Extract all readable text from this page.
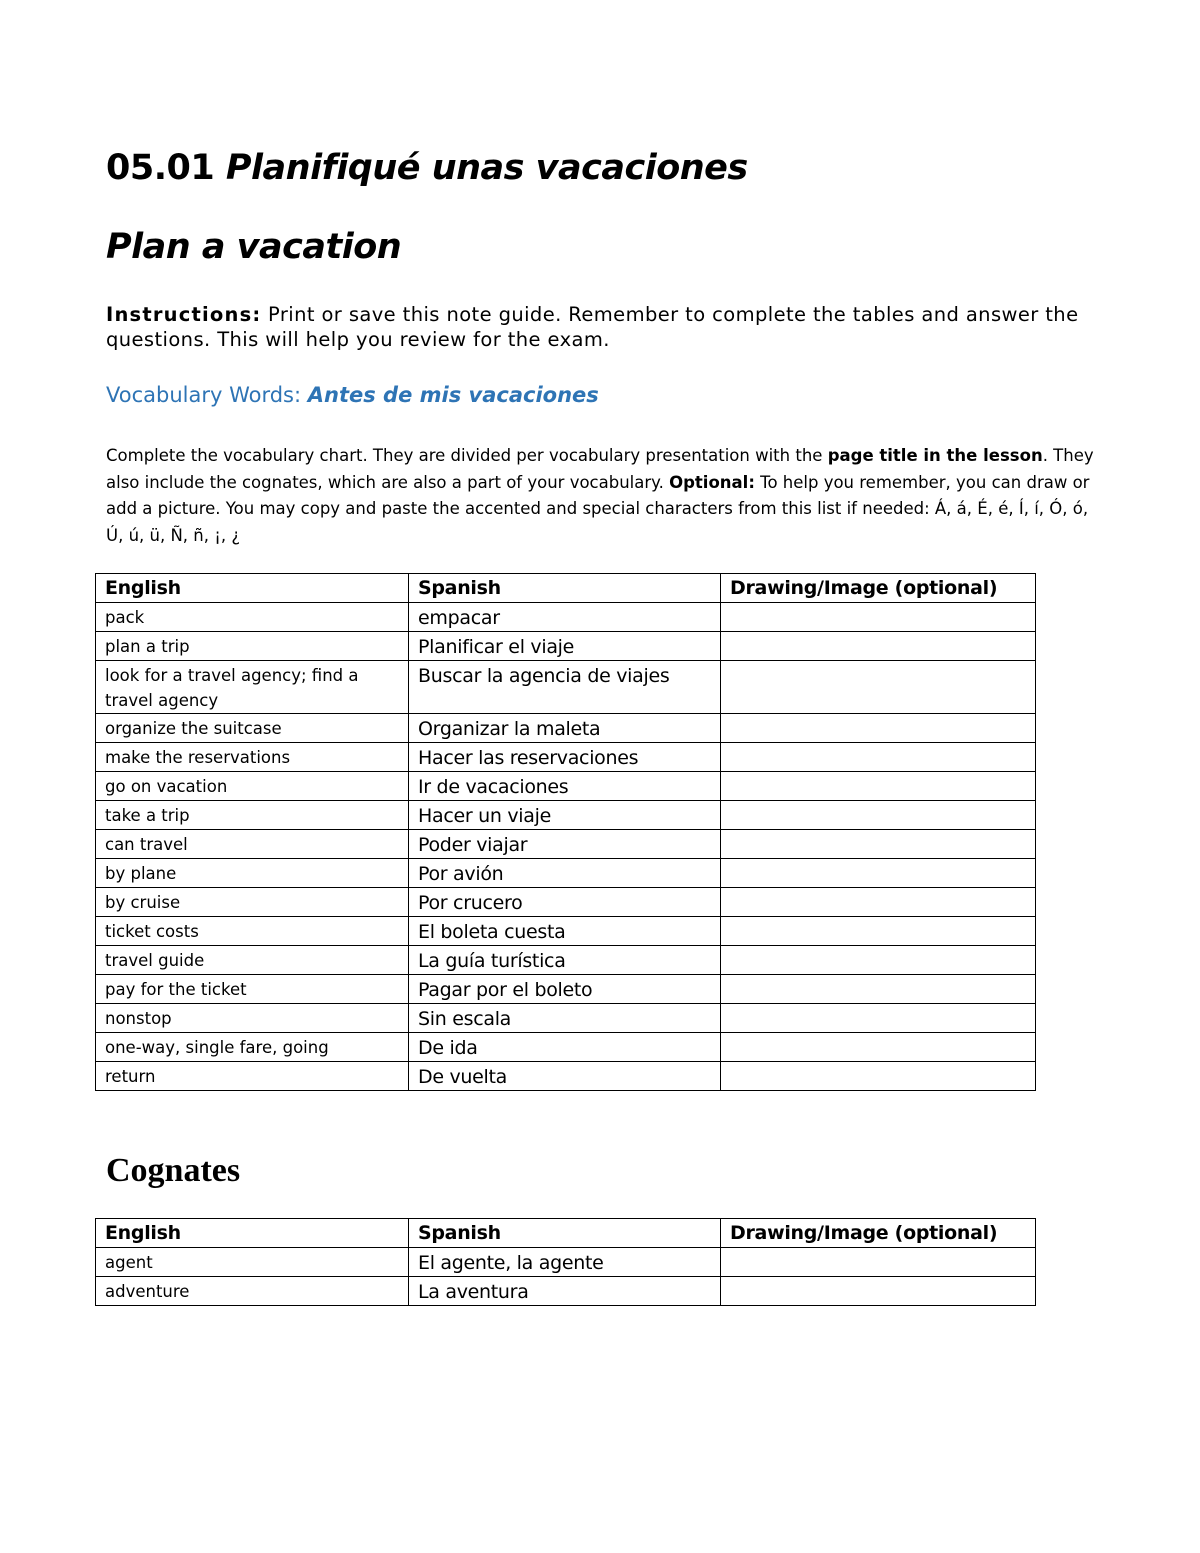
05.01 Planifiqué unas vacaciones
Plan a vacation
Instructions: Print or save this note guide. Remember to complete the tables and answer the questions. This will help you review for the exam.
Vocabulary Words: Antes de mis vacaciones
Complete the vocabulary chart. They are divided per vocabulary presentation with the page title in the lesson. They also include the cognates, which are also a part of your vocabulary. Optional: To help you remember, you can draw or add a picture. You may copy and paste the accented and special characters from this list if needed: Á, á, É, é, Í, í, Ó, ó, Ú, ú, ü, Ñ, ñ, ¡, ¿
English	Spanish	Drawing/Image (optional)
pack	empacar	
plan a trip	Planificar el viaje	
look for a travel agency; find a travel agency	Buscar la agencia de viajes	
organize the suitcase	Organizar la maleta	
make the reservations	Hacer las reservaciones	
go on vacation	Ir de vacaciones	
take a trip	Hacer un viaje	
can travel	Poder viajar	
by plane	Por avión	
by cruise	Por crucero	
ticket costs	El boleta cuesta	
travel guide	La guía turística	
pay for the ticket	Pagar por el boleto	
nonstop	Sin escala	
one-way, single fare, going	De ida	
return	De vuelta	
Cognates
English	Spanish	Drawing/Image (optional)
agent	El agente, la agente	
adventure	La aventura	
